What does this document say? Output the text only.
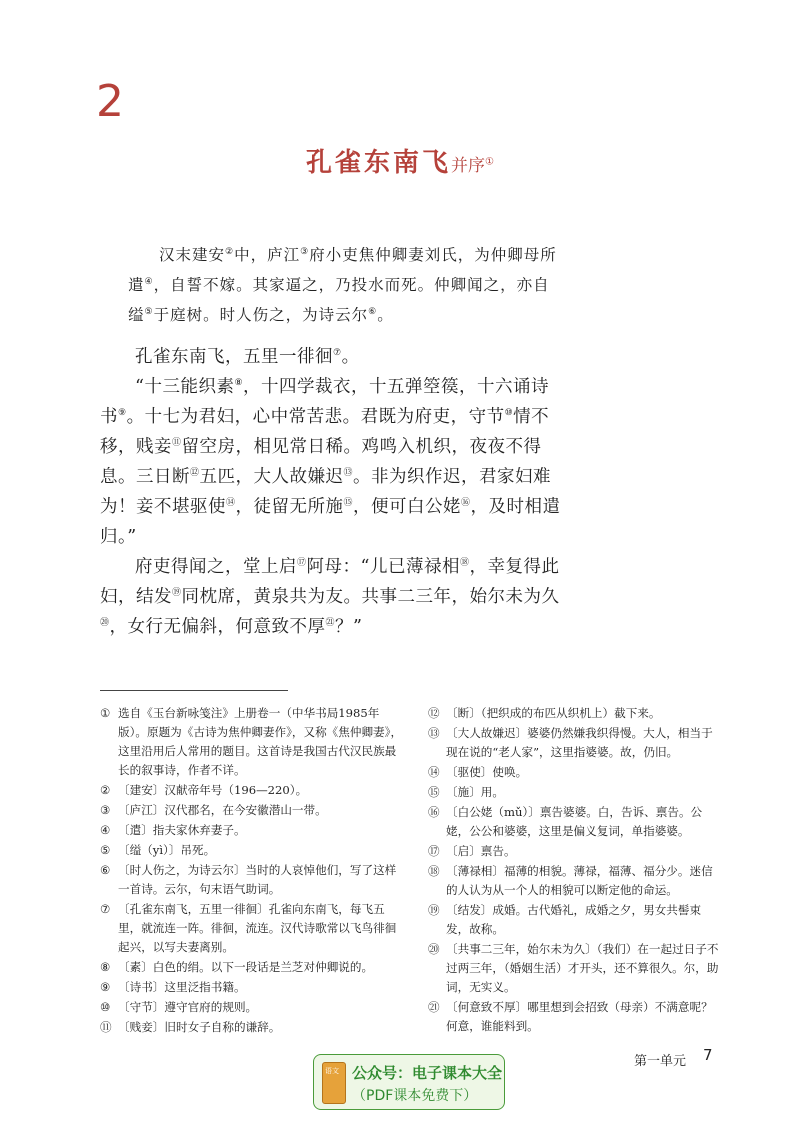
2
孔雀东南飞并序①

汉末建安②中，庐江③府小吏焦仲卿妻刘氏，为仲卿母所遣④，自誓不嫁。其家逼之，乃投水而死。仲卿闻之，亦自缢⑤于庭树。时人伤之，为诗云尔⑥。

孔雀东南飞，五里一徘徊⑦。

“十三能织素⑧，十四学裁衣，十五弹箜篌，十六诵诗书⑨。十七为君妇，心中常苦悲。君既为府吏，守节⑩情不移，贱妾⑪留空房，相见常日稀。鸡鸣入机织，夜夜不得息。三日断⑫五匹，大人故嫌迟⑬。非为织作迟，君家妇难为！妾不堪驱使⑭，徒留无所施⑮，便可白公姥⑯，及时相遣归。”

府吏得闻之，堂上启⑰阿母：“儿已薄禄相⑱，幸复得此妇，结发⑲同枕席，黄泉共为友。共事二三年，始尔未为久⑳，女行无偏斜，何意致不厚$^㉑$？”

① 选自《玉台新咏笺注》上册卷一（中华书局1985年版）。原题为《古诗为焦仲卿妻作》，又称《焦仲卿妻》，这里沿用后人常用的题目。这首诗是我国古代汉民族最长的叙事诗，作者不详。
② 〔建安〕汉献帝年号（196—220）。
③ 〔庐江〕汉代郡名，在今安徽潜山一带。
④ 〔遣〕指夫家休弃妻子。
⑤ 〔缢（yì）〕吊死。
⑥ 〔时人伤之，为诗云尔〕当时的人哀悼他们，写了这样一首诗。云尔，句末语气助词。
⑦ 〔孔雀东南飞，五里一徘徊〕孔雀向东南飞，每飞五里，就流连一阵。徘徊，流连。汉代诗歌常以飞鸟徘徊起兴，以写夫妻离别。
⑧ 〔素〕白色的绢。以下一段话是兰芝对仲卿说的。
⑨ 〔诗书〕这里泛指书籍。
⑩ 〔守节〕遵守官府的规则。
⑪ 〔贱妾〕旧时女子自称的谦辞。
⑫ 〔断〕（把织成的布匹从织机上）截下来。
⑬ 〔大人故嫌迟〕婆婆仍然嫌我织得慢。大人，相当于现在说的“老人家”，这里指婆婆。故，仍旧。
⑭ 〔驱使〕使唤。
⑮ 〔施〕用。
⑯ 〔白公姥（mǔ）〕禀告婆婆。白，告诉、禀告。公姥，公公和婆婆，这里是偏义复词，单指婆婆。
⑰ 〔启〕禀告。
⑱ 〔薄禄相〕福薄的相貌。薄禄，福薄、福分少。迷信的人认为从一个人的相貌可以断定他的命运。
⑲ 〔结发〕成婚。古代婚礼，成婚之夕，男女共髻束发，故称。
⑳ 〔共事二三年，始尔未为久〕（我们）在一起过日子不过两三年，（婚姻生活）才开头，还不算很久。尔，助词，无实义。
㉑ 〔何意致不厚〕哪里想到会招致（母亲）不满意呢？何意，谁能料到。
第一单元 7
语文 公众号：电子课本大全
（PDF课本免费下）
